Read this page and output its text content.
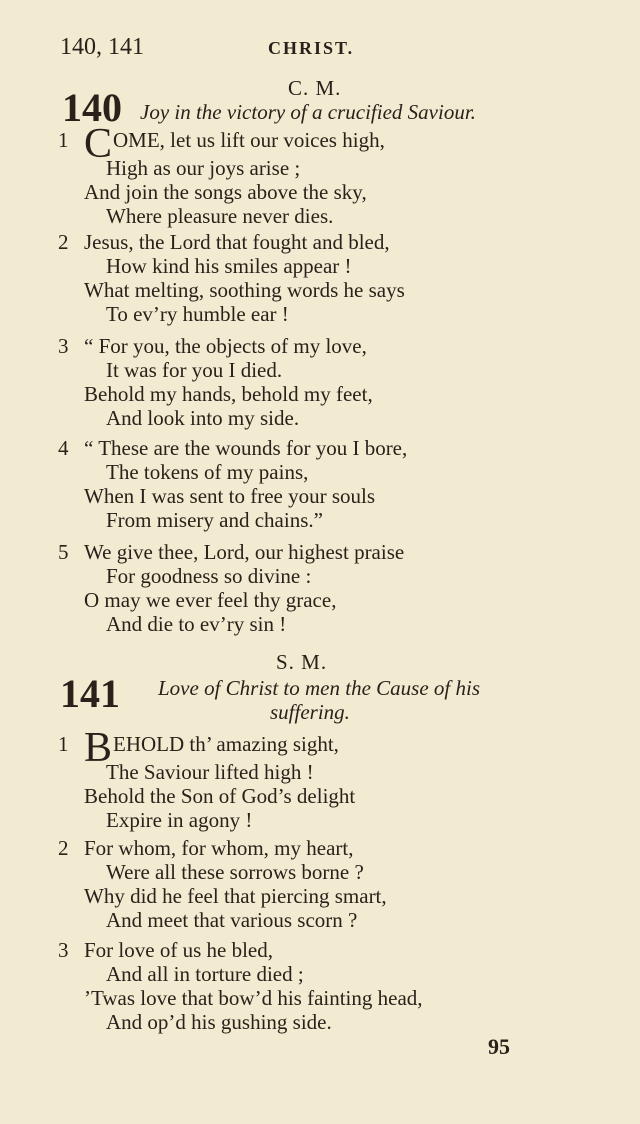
140, 141	CHRIST.
C. M.
140 Joy in the victory of a crucified Saviour.
1 COME, let us lift our voices high,
High as our joys arise ;
And join the songs above the sky,
Where pleasure never dies.
2 Jesus, the Lord that fought and bled,
How kind his smiles appear !
What melting, soothing words he says
To ev’ry humble ear !
3 “ For you, the objects of my love,
It was for you I died.
Behold my hands, behold my feet,
And look into my side.
4 “ These are the wounds for you I bore,
The tokens of my pains,
When I was sent to free your souls
From misery and chains.”
5 We give thee, Lord, our highest praise
For goodness so divine :
O may we ever feel thy grace,
And die to ev’ry sin !
S. M.
141 Love of Christ to men the Cause of his
suffering.
1 BEHOLD th’ amazing sight,
The Saviour lifted high !
Behold the Son of God’s delight
Expire in agony !
2 For whom, for whom, my heart,
Were all these sorrows borne ?
Why did he feel that piercing smart,
And meet that various scorn ?
3 For love of us he bled,
And all in torture died ;
’Twas love that bow’d his fainting head,
And op’d his gushing side.
95
